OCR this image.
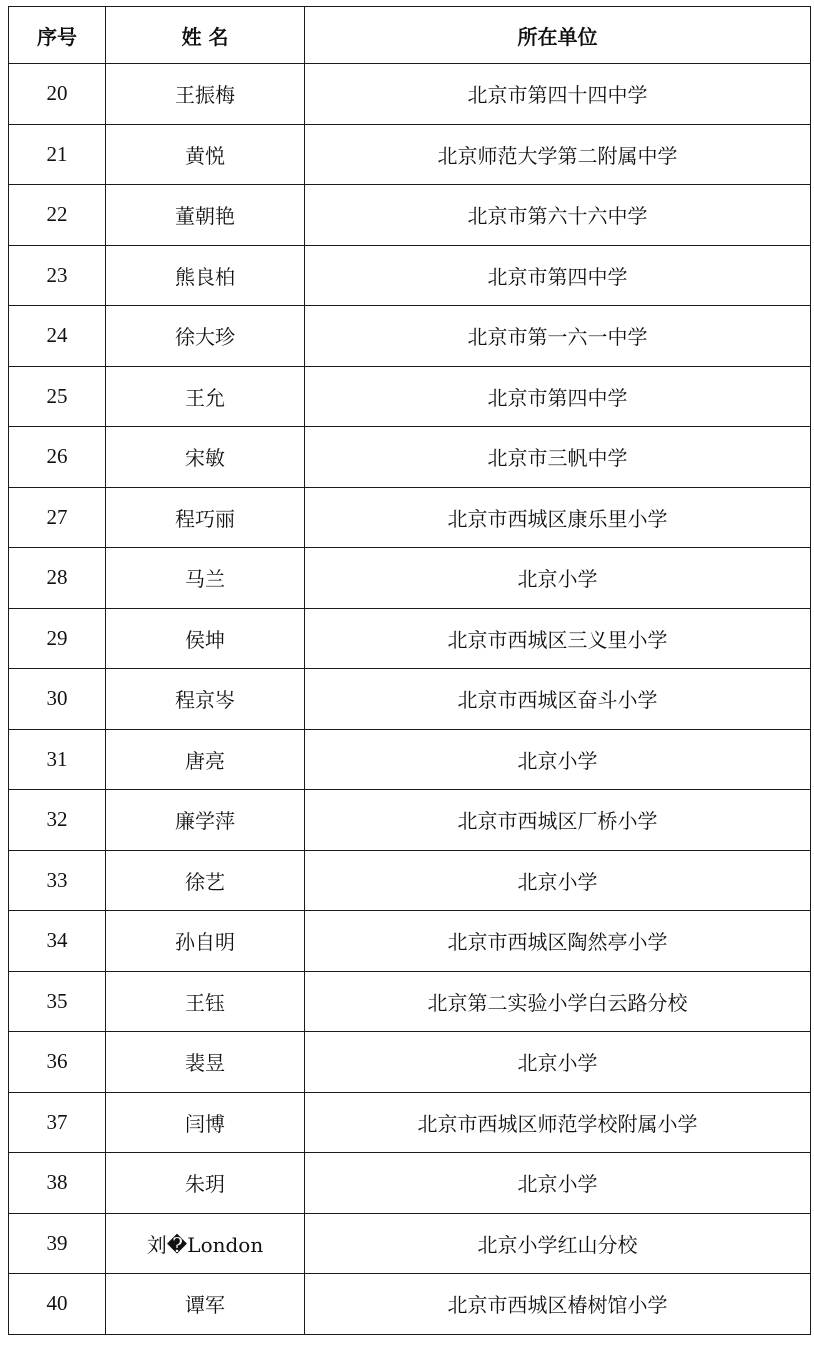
序号	姓 名	所在单位
20	王振梅	北京市第四十四中学
21	黄悦	北京师范大学第二附属中学
22	董朝艳	北京市第六十六中学
23	熊良柏	北京市第四中学
24	徐大珍	北京市第一六一中学
25	王允	北京市第四中学
26	宋敏	北京市三帆中学
27	程巧丽	北京市西城区康乐里小学
28	马兰	北京小学
29	侯坤	北京市西城区三义里小学
30	程京岑	北京市西城区奋斗小学
31	唐亮	北京小学
32	廉学萍	北京市西城区厂桥小学
33	徐艺	北京小学
34	孙自明	北京市西城区陶然亭小学
35	王钰	北京第二实验小学白云路分校
36	裴昱	北京小学
37	闫博	北京市西城区师范学校附属小学
38	朱玥	北京小学
39	刘�London	北京小学红山分校
40	谭军	北京市西城区椿树馆小学
